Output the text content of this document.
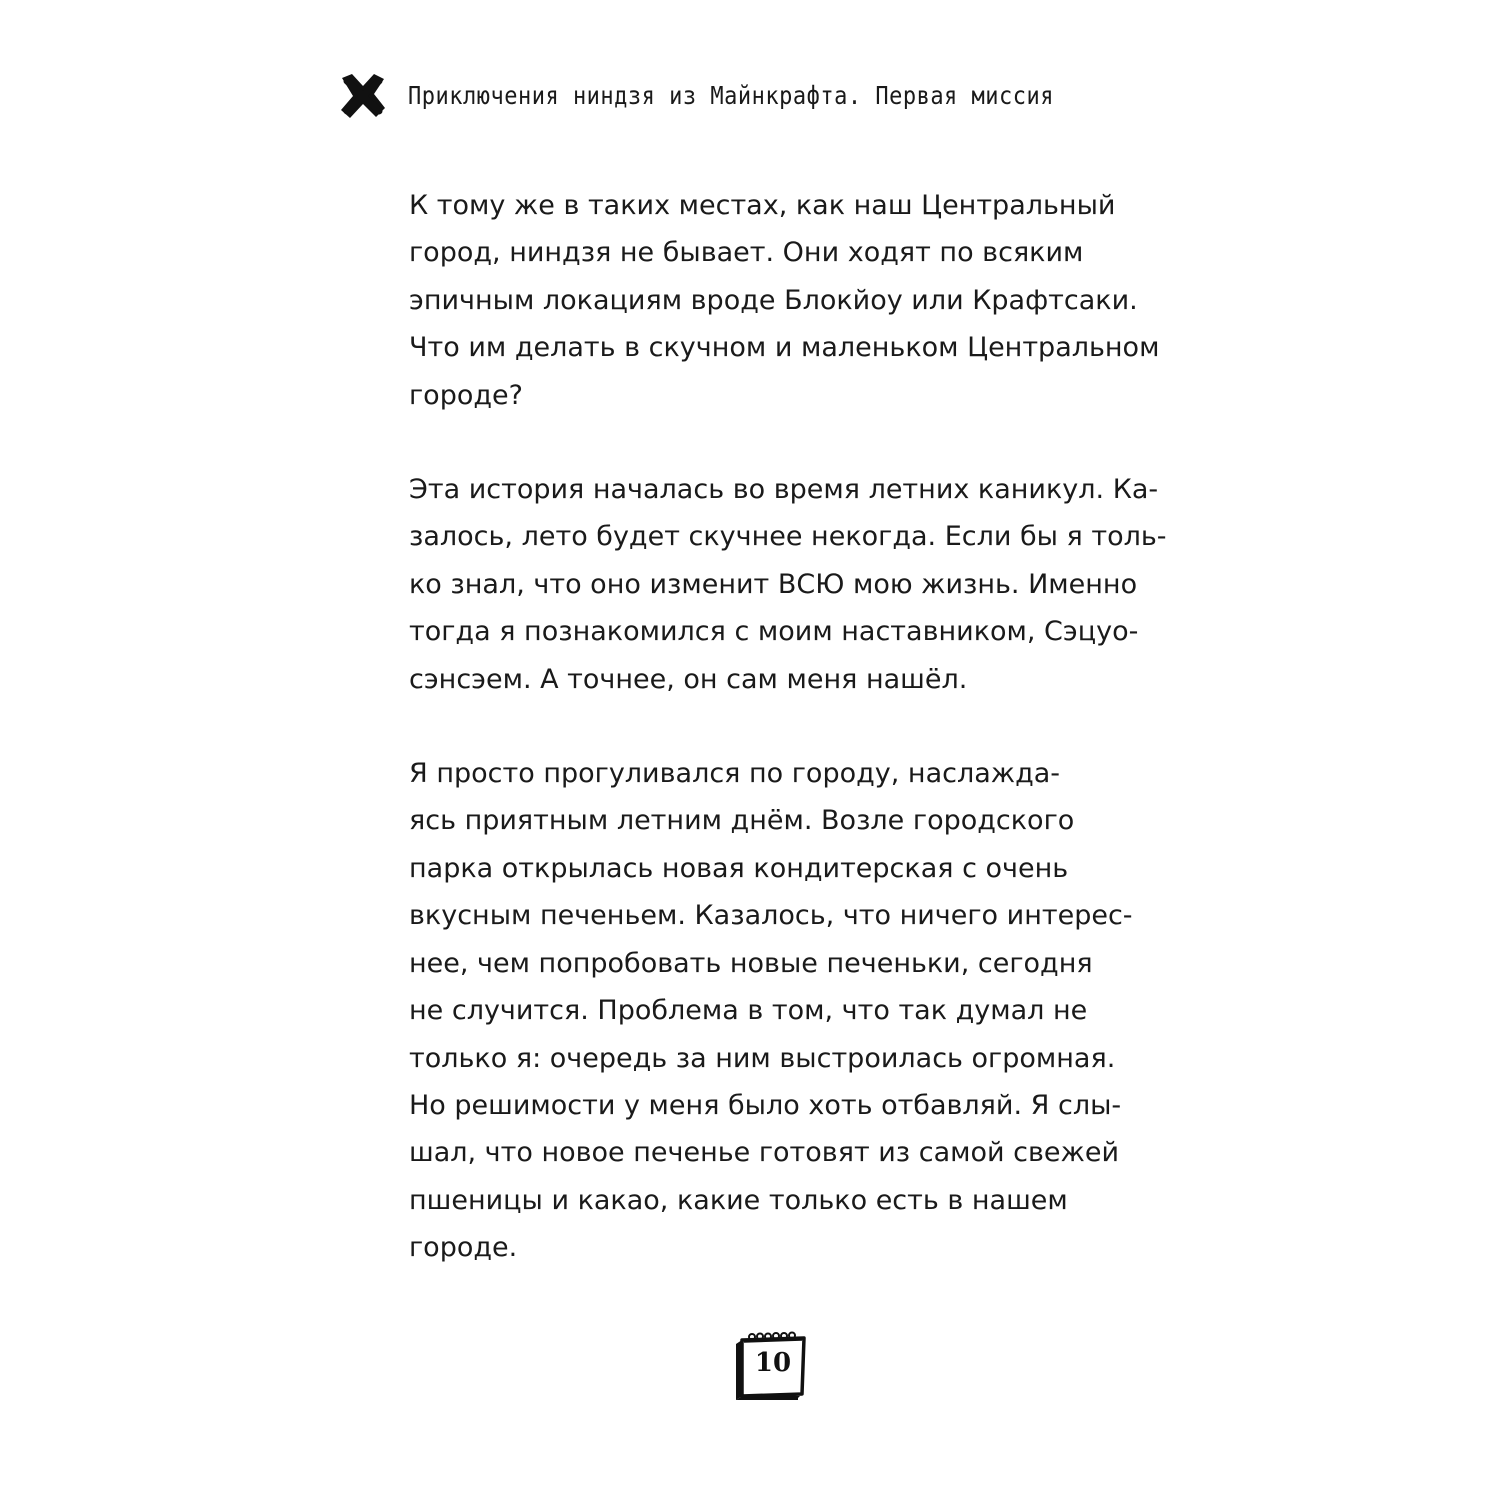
Приключения ниндзя из Майнкрафта. Первая миссия

К тому же в таких местах, как наш Центральный
город, ниндзя не бывает. Они ходят по всяким
эпичным локациям вроде Блокйоу или Крафтсаки.
Что им делать в скучном и маленьком Центральном
городе?

Эта история началась во время летних каникул. Ка-
залось, лето будет скучнее некогда. Если бы я толь-
ко знал, что оно изменит ВСЮ мою жизнь. Именно
тогда я познакомился с моим наставником, Сэцуо-
сэнсэем. А точнее, он сам меня нашёл.

Я просто прогуливался по городу, наслажда-
ясь приятным летним днём. Возле городского
парка открылась новая кондитерская с очень
вкусным печеньем. Казалось, что ничего интерес-
нее, чем попробовать новые печеньки, сегодня
не случится. Проблема в том, что так думал не
только я: очередь за ним выстроилась огромная.
Но решимости у меня было хоть отбавляй. Я слы-
шал, что новое печенье готовят из самой свежей
пшеницы и какао, какие только есть в нашем
городе.

10
